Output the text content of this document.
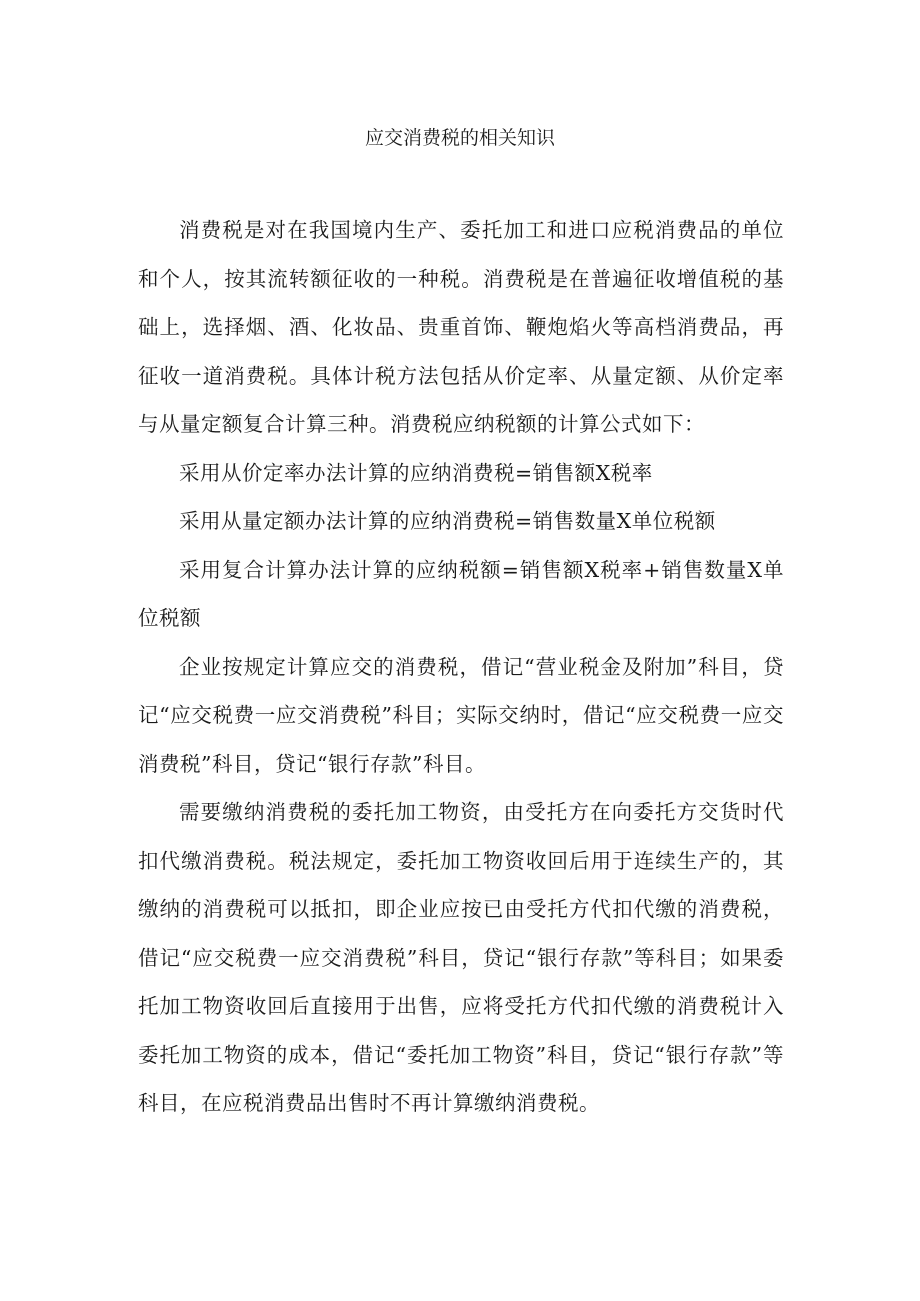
应交消费税的相关知识

消费税是对在我国境内生产、委托加工和进口应税消费品的单位和个人，按其流转额征收的一种税。消费税是在普遍征收增值税的基础上，选择烟、酒、化妆品、贵重首饰、鞭炮焰火等高档消费品，再征收一道消费税。具体计税方法包括从价定率、从量定额、从价定率与从量定额复合计算三种。消费税应纳税额的计算公式如下：

采用从价定率办法计算的应纳消费税=销售额X税率

采用从量定额办法计算的应纳消费税=销售数量X单位税额

采用复合计算办法计算的应纳税额=销售额X税率+销售数量X单位税额

企业按规定计算应交的消费税，借记“营业税金及附加”科目，贷记“应交税费一应交消费税”科目；实际交纳时，借记“应交税费一应交消费税”科目，贷记“银行存款”科目。

需要缴纳消费税的委托加工物资，由受托方在向委托方交货时代扣代缴消费税。税法规定，委托加工物资收回后用于连续生产的，其缴纳的消费税可以抵扣，即企业应按已由受托方代扣代缴的消费税，借记“应交税费一应交消费税”科目，贷记“银行存款”等科目；如果委托加工物资收回后直接用于出售，应将受托方代扣代缴的消费税计入委托加工物资的成本，借记“委托加工物资”科目，贷记“银行存款”等科目，在应税消费品出售时不再计算缴纳消费税。
